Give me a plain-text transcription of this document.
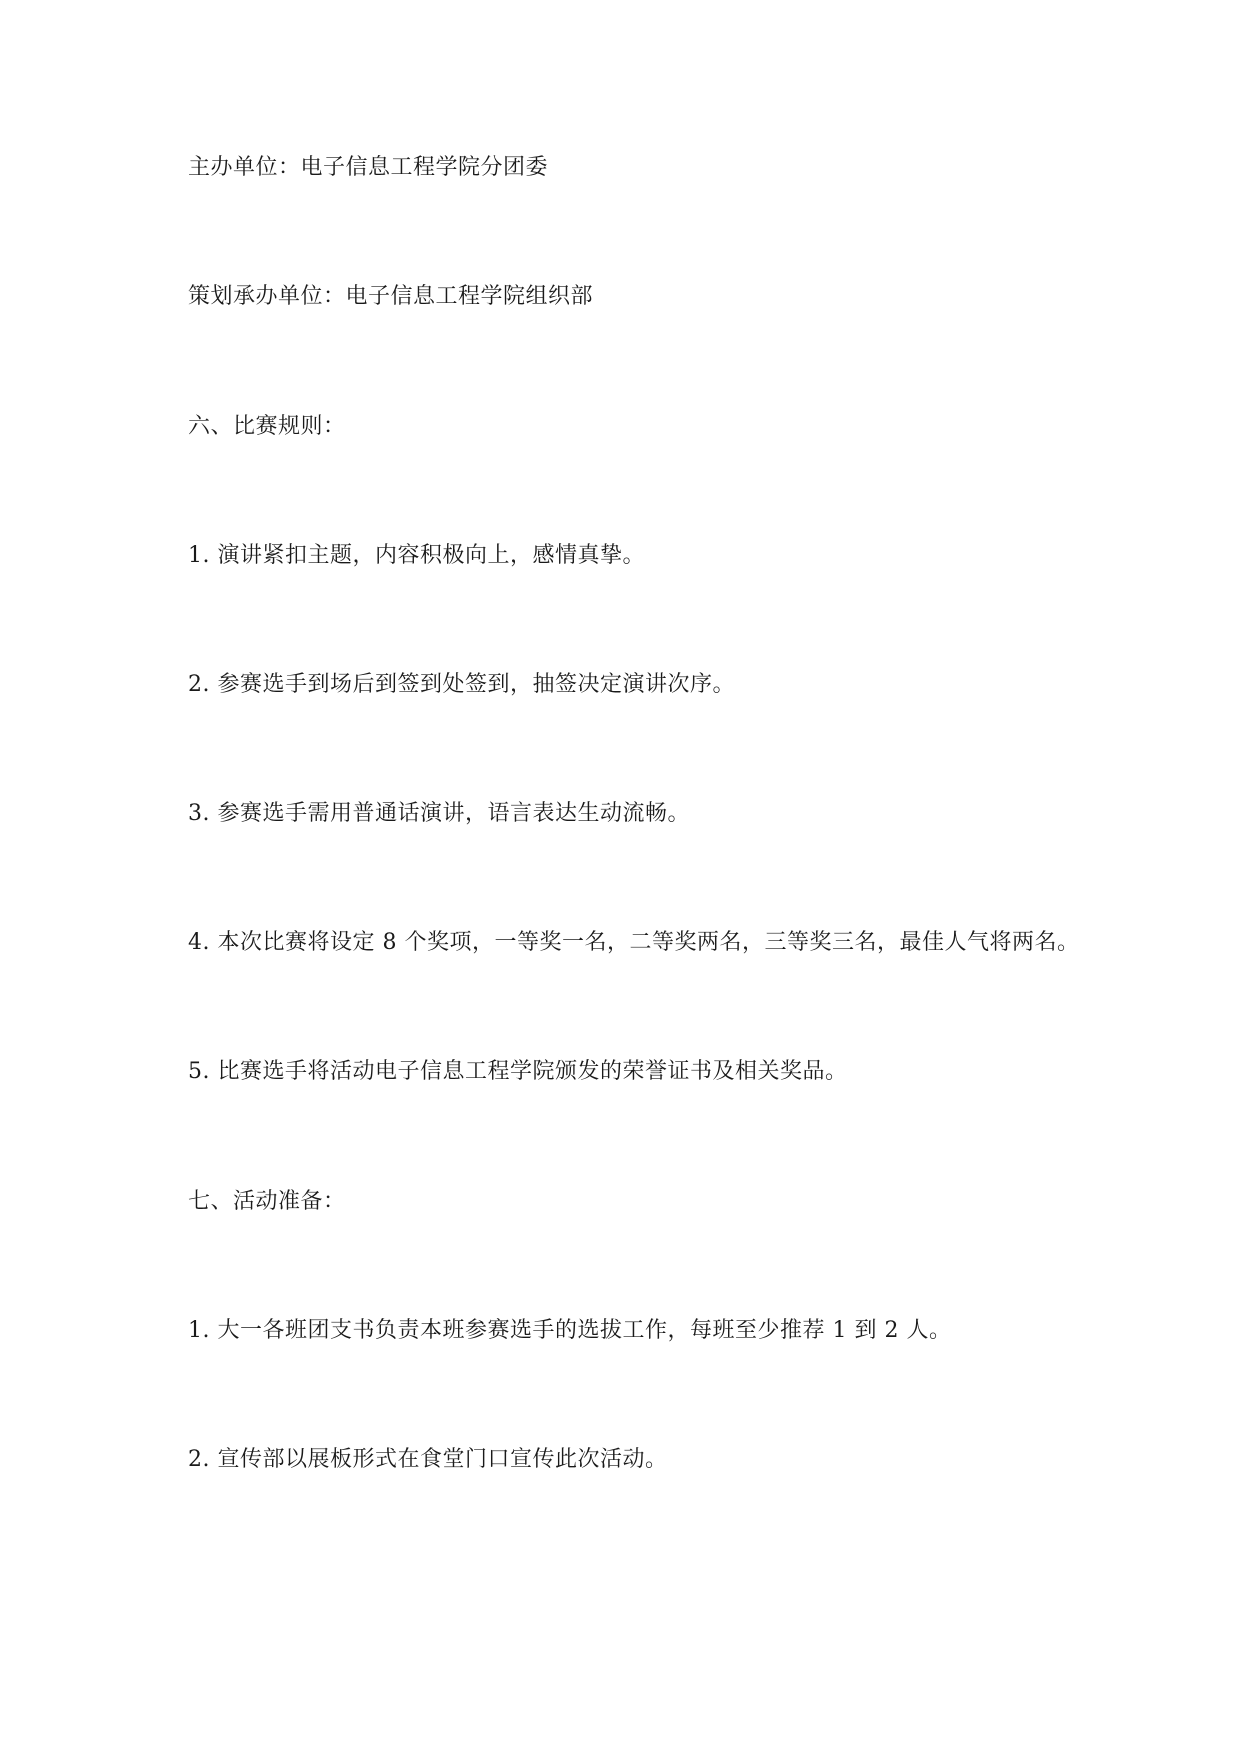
主办单位：电子信息工程学院分团委
策划承办单位：电子信息工程学院组织部
六、比赛规则：
1. 演讲紧扣主题，内容积极向上，感情真挚。
2. 参赛选手到场后到签到处签到，抽签决定演讲次序。
3. 参赛选手需用普通话演讲，语言表达生动流畅。
4. 本次比赛将设定 8 个奖项，一等奖一名，二等奖两名，三等奖三名，最佳人气将两名。
5. 比赛选手将活动电子信息工程学院颁发的荣誉证书及相关奖品。
七、活动准备：
1. 大一各班团支书负责本班参赛选手的选拔工作，每班至少推荐 1 到 2 人。
2. 宣传部以展板形式在食堂门口宣传此次活动。
